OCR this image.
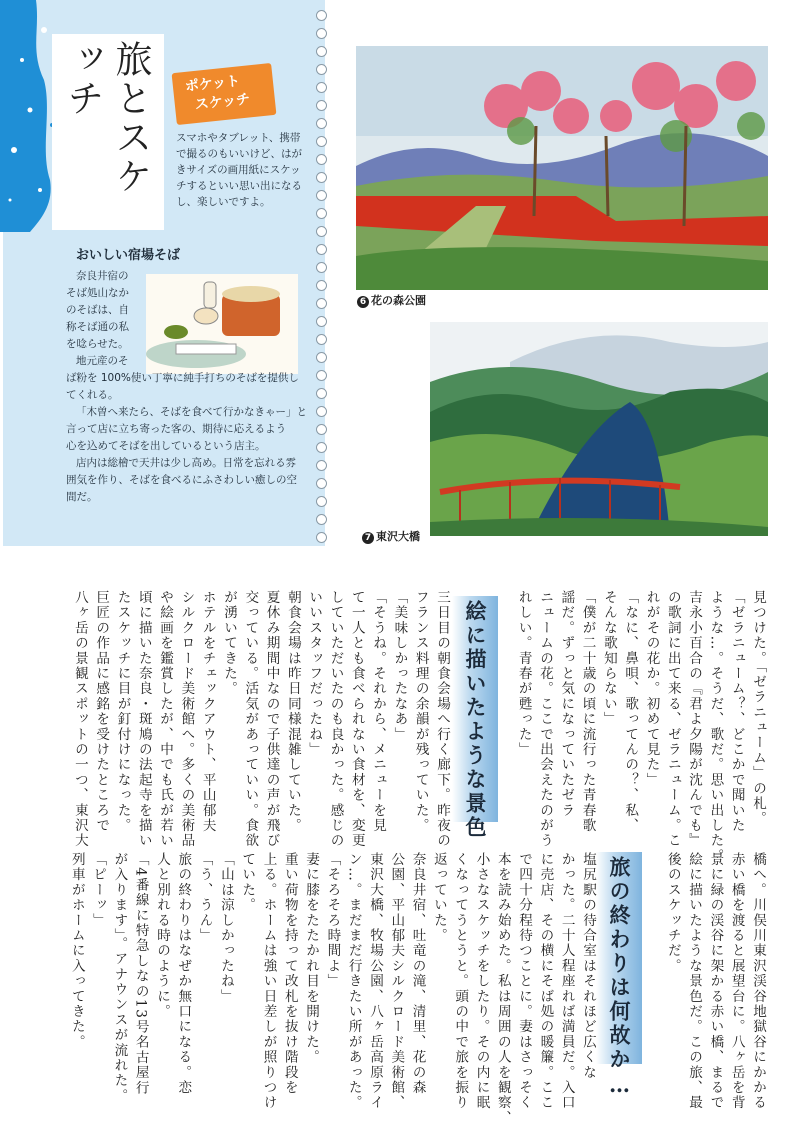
旅とスケッチ	ポケット
スケッチ
スマホやタブレット、携帯で撮るのもいいけど、はがきサイズの画用紙にスケッチするといい思い出になるし、楽しいですよ。
おいしい宿場そば
奈良井宿の
そば処山なか
のそばは、自
称そば通の私
を唸らせた。
地元産のそ
ば粉を 100%使い丁寧に純手打ちのそばを提供し
てくれる。
「木曽へ来たら、そばを食べて行かなきゃー」と
言って店に立ち寄った客の、期待に応えるよう
心を込めてそばを出しているという店主。
店内は総檜で天井は少し高め。日常を忘れる雰
囲気を作り、そばを食べるにふさわしい癒しの空
間だ。
6 花の森公園
7 東沢大橋
絵に描いたような景色
旅の終わりは何故か…
見つけた。「ゼラニューム」の札。
「ゼラニューム？、どこかで聞いた
ような…。そうだ、歌だ。思い出した。
吉永小百合の『君よ夕陽が沈んでも』
の歌詞に出て来る、ゼラニューム。こ
れがその花か。初めて見た」
「なに、鼻唄、歌ってんの？、私、
そんな歌知らない」
「僕が二十歳の頃に流行った青春歌
謡だ。ずっと気になっていたゼラ
ニュームの花。ここで出会えたのがう
れしい。青春が甦った」
三日目の朝食会場へ行く廊下。昨夜の
フランス料理の余韻が残っていた。
「美味しかったなあ」
「そうね。それから、メニューを見
て一人とも食べられない食材を、変更
していただいたのも良かった。感じの
いいスタッフだったね」
朝食会場は昨日同様混雑していた。
夏休み期間中なので子供達の声が飛び
交っている。活気があっていい。食欲
が湧いてきた。
ホテルをチェックアウト、平山郁夫
シルクロード美術館へ。多くの美術品
や絵画を鑑賞したが、中でも氏が若い
頃に描いた奈良・斑鳩の法起寺を描い
たスケッチに目が釘付けになった。
巨匠の作品に感銘を受けたところで
八ヶ岳の景観スポットの一つ、東沢大
橋へ。川俣川東沢渓谷地獄谷にかかる
赤い橋を渡ると展望台に。八ヶ岳を背
景に緑の渓谷に架かる赤い橋、まるで
絵に描いたような景色だ。この旅、最
後のスケッチだ。
塩尻駅の待合室はそれほど広くな
かった。二十人程座れば満員だ。入口
に売店、その横にそば処の暖簾。ここ
で四十分程待つことに。妻はさっそく
本を読み始めた。私は周囲の人を観察、
小さなスケッチをしたり。その内に眠
くなってうとうと。頭の中で旅を振り
返っていた。
奈良井宿、吐竜の滝、清里、花の森
公園、平山郁夫シルクロード美術館、
東沢大橋、牧場公園、八ヶ岳高原ライ
ン…。まだまだ行きたい所があった。
「そろそろ時間よ」
妻に膝をたたかれ目を開けた。
重い荷物を持って改札を抜け階段を
上る。ホームは強い日差しが照りつけ
ていた。
「山は涼しかったね」
「う、うん」
旅の終わりはなぜか無口になる。恋
人と別れる時のように。
「4番線に特急しなの13号名古屋行
が入ります」。アナウンスが流れた。
「ピーッ」
列車がホームに入ってきた。
